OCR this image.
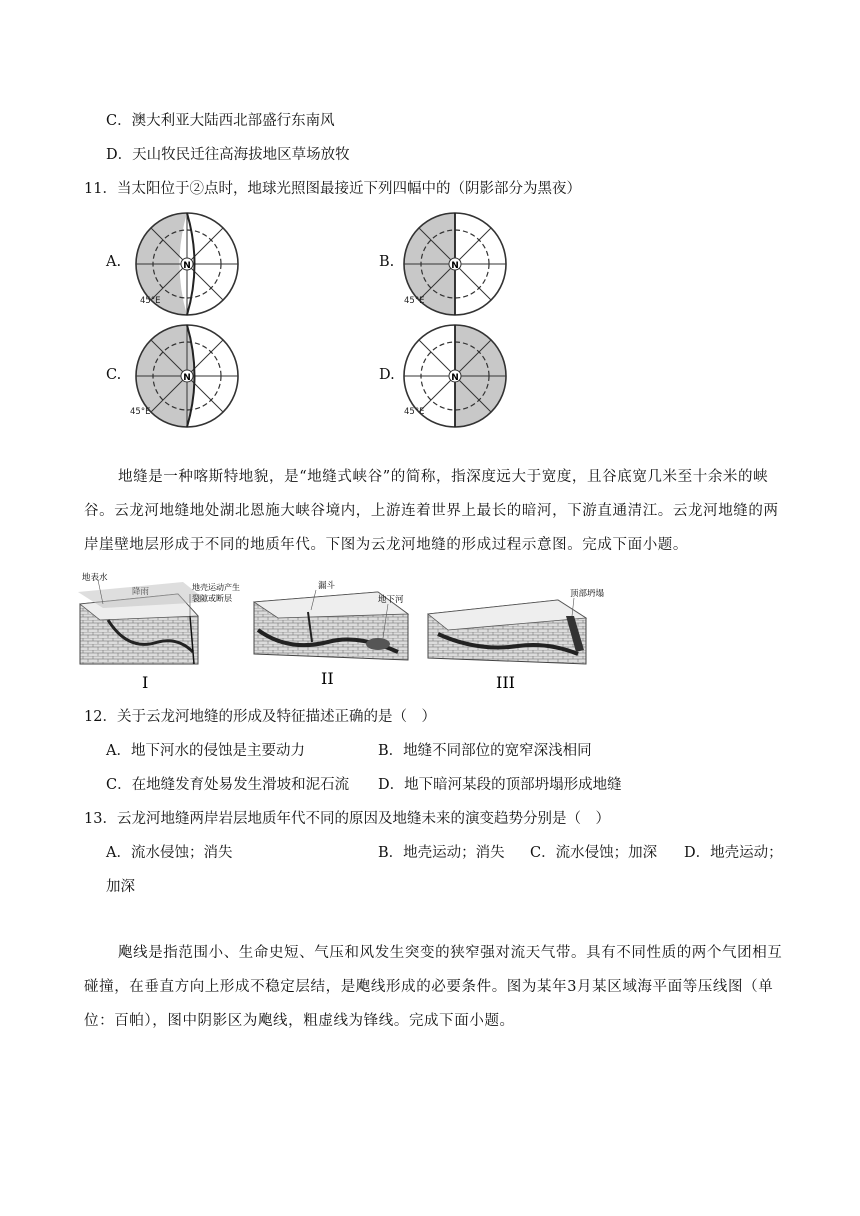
C．澳大利亚大陆西北部盛行东南风
D．天山牧民迁往高海拔地区草场放牧
11．当太阳位于②点时，地球光照图最接近下列四幅中的（阴影部分为黑夜）
A.	N
45°E
B.	N
45°E
C.	N
45°E
D.	N
45°E

地缝是一种喀斯特地貌，是“地缝式峡谷”的简称，指深度远大于宽度，且谷底宽几米至十余米的峡

谷。云龙河地缝地处湖北恩施大峡谷境内，上游连着世界上最长的暗河，下游直通清江。云龙河地缝的两

岸崖壁地层形成于不同的地质年代。下图为云龙河地缝的形成过程示意图。完成下面小题。

地表水
降雨	地壳运动产生
裂隙或断层
I
漏斗
地下河
II
顶部坍塌
III
12．关于云龙河地缝的形成及特征描述正确的是（　）
A．地下河水的侵蚀是主要动力	B．地缝不同部位的宽窄深浅相同
C．在地缝发育处易发生滑坡和泥石流 D．地下暗河某段的顶部坍塌形成地缝
13．云龙河地缝两岸岩层地质年代不同的原因及地缝未来的演变趋势分别是（　）
A．流水侵蚀；消失	B．地壳运动；消失 C．流水侵蚀；加深 D．地壳运动；
加深

飑线是指范围小、生命史短、气压和风发生突变的狭窄强对流天气带。具有不同性质的两个气团相互

碰撞，在垂直方向上形成不稳定层结，是飑线形成的必要条件。图为某年3月某区域海平面等压线图（单

位：百帕），图中阴影区为飑线，粗虚线为锋线。完成下面小题。
